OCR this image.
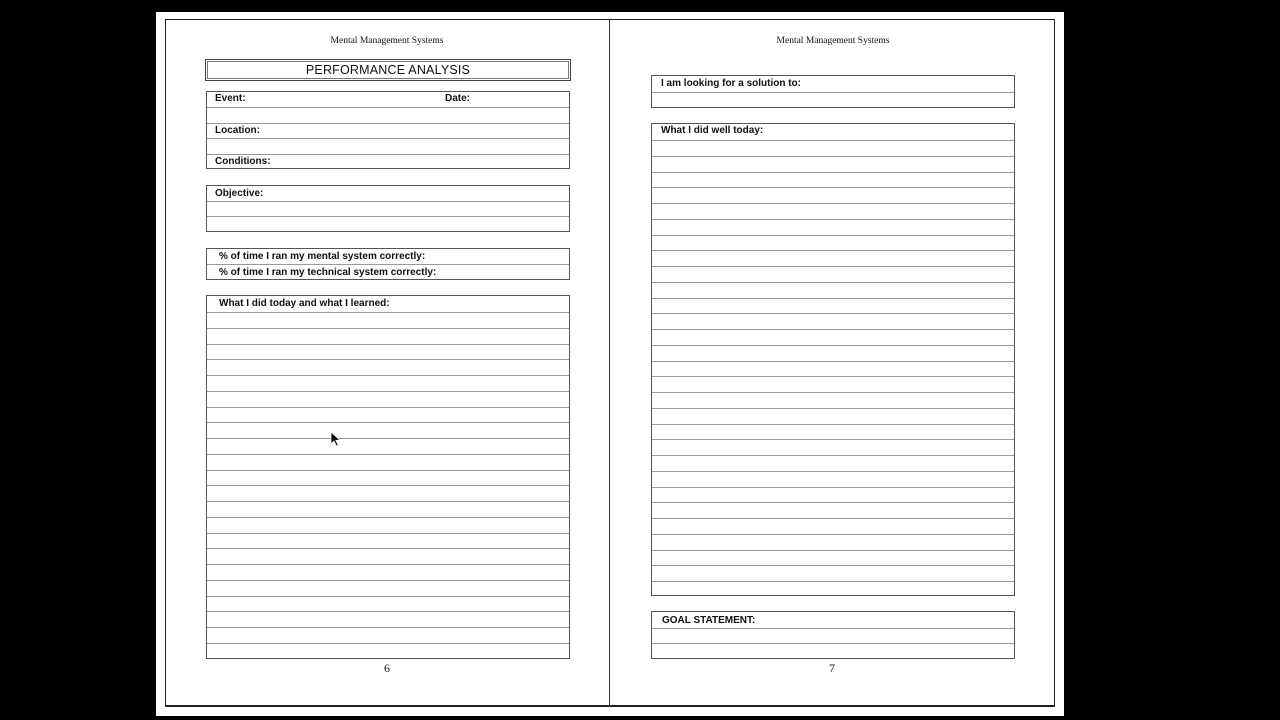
Mental Management Systems
PERFORMANCE ANALYSIS
Event:	Date:
Location:
Conditions:
Objective:
% of time I ran my mental system correctly:
% of time I ran my technical system correctly:
What I did today and what I learned:
6
Mental Management Systems
I am looking for a solution to:
What I did well today:
GOAL STATEMENT:
7
